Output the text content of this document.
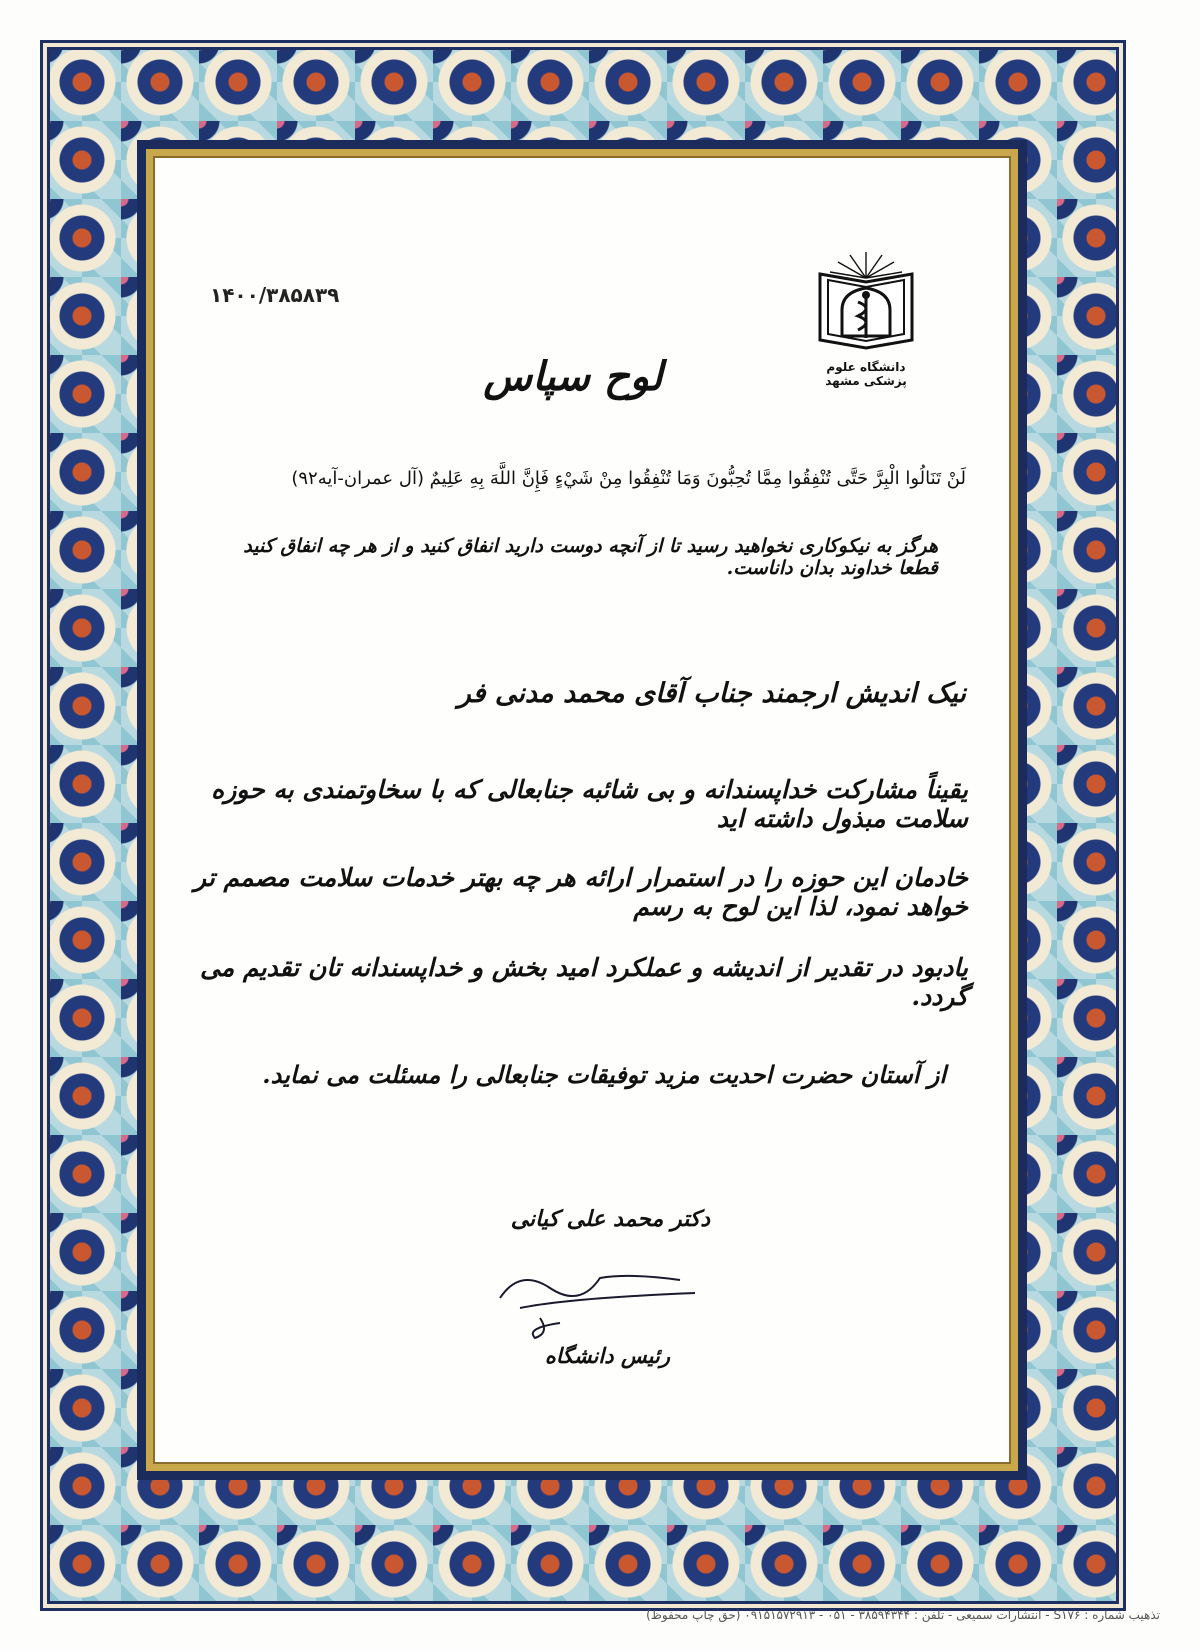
دانشگاه علوم پزشکی مشهد
۱۴۰۰/۳۸۵۸۳۹
لوح سپاس
لَنْ تَنَالُوا الْبِرَّ حَتَّى تُنْفِقُوا مِمَّا تُحِبُّونَ وَمَا تُنْفِقُوا مِنْ شَيْءٍ فَإِنَّ اللَّهَ بِهِ عَلِيمٌ (آل عمران-آیه۹۲)
هرگز به نیکوکاری نخواهید رسید تا از آنچه دوست دارید انفاق کنید و از هر چه انفاق کنید قطعا خداوند بدان داناست.
نیک اندیش ارجمند جناب آقای محمد مدنی فر
یقیناً مشارکت خداپسندانه و بی شائبه جنابعالی که با سخاوتمندی به حوزه سلامت مبذول داشته اید
خادمان این حوزه را در استمرار ارائه هر چه بهتر خدمات سلامت مصمم تر خواهد نمود، لذا این لوح به رسم
یادبود در تقدیر از اندیشه و عملکرد امید بخش و خداپسندانه تان تقدیم می گردد.
از آستان حضرت احدیت مزید توفیقات جنابعالی را مسئلت می نماید.
دکتر محمد علی کیانی
رئیس دانشگاه
تذهیب شماره : S۱۷۶ - انتشارات سمیعی - تلفن : ۳۸۵۹۴۳۴۴ - ۰۵۱ - ۰۹۱۵۱۵۷۲۹۱۳ (حق چاپ محفوظ)
